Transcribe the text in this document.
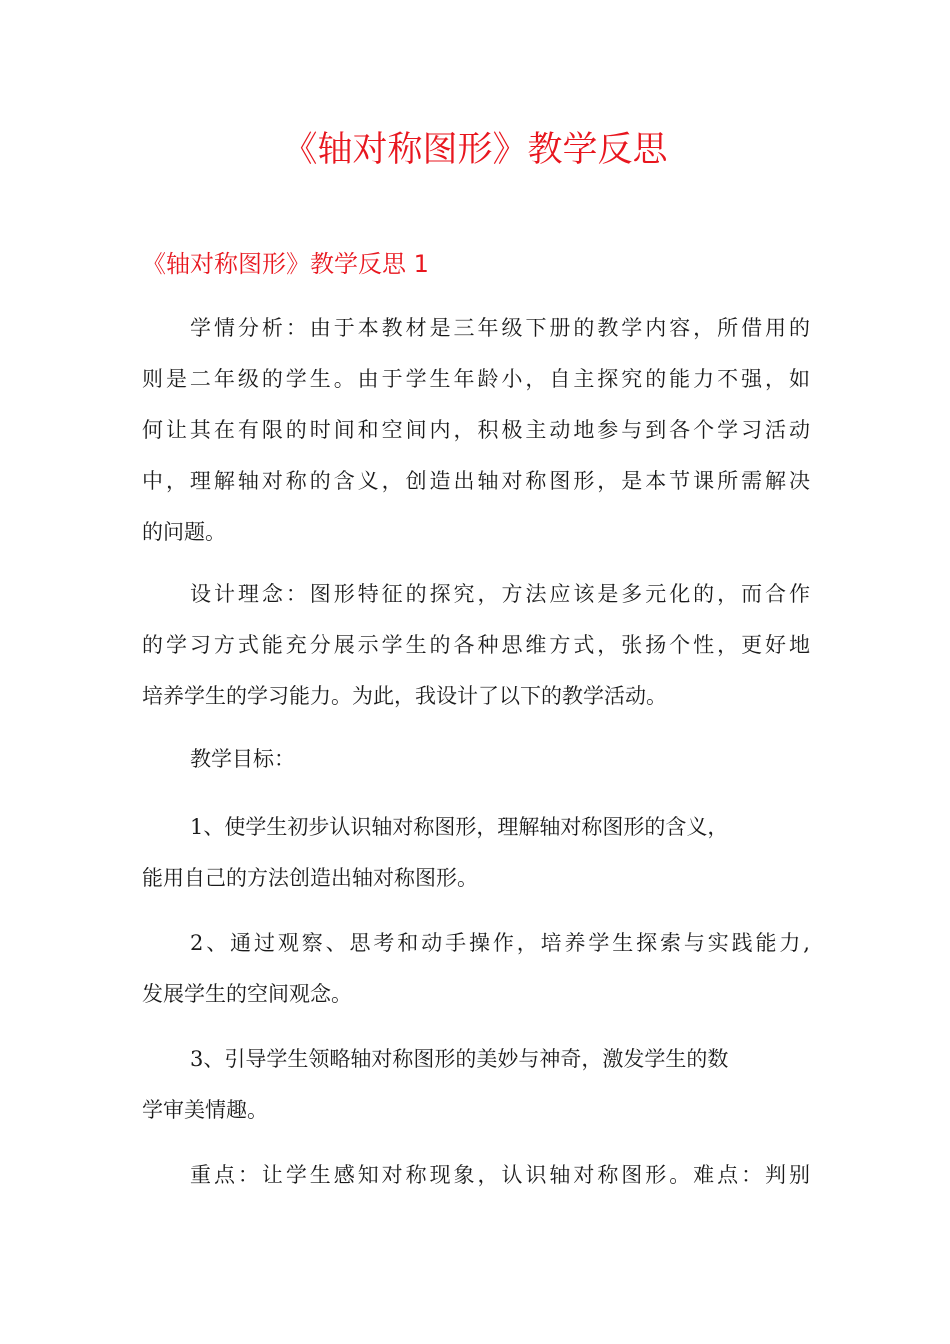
《轴对称图形》教学反思
《轴对称图形》教学反思 1
学情分析：由于本教材是三年级下册的教学内容，所借用的
则是二年级的学生。由于学生年龄小，自主探究的能力不强，如
何让其在有限的时间和空间内，积极主动地参与到各个学习活动
中，理解轴对称的含义，创造出轴对称图形，是本节课所需解决
的问题。
设计理念：图形特征的探究，方法应该是多元化的，而合作
的学习方式能充分展示学生的各种思维方式，张扬个性，更好地
培养学生的学习能力。为此，我设计了以下的教学活动。
教学目标：
1、使学生初步认识轴对称图形，理解轴对称图形的含义，
能用自己的方法创造出轴对称图形。
2、通过观察、思考和动手操作，培养学生探索与实践能力,
发展学生的空间观念。
3、引导学生领略轴对称图形的美妙与神奇，激发学生的数
学审美情趣。
重点：让学生感知对称现象，认识轴对称图形。难点：判别
